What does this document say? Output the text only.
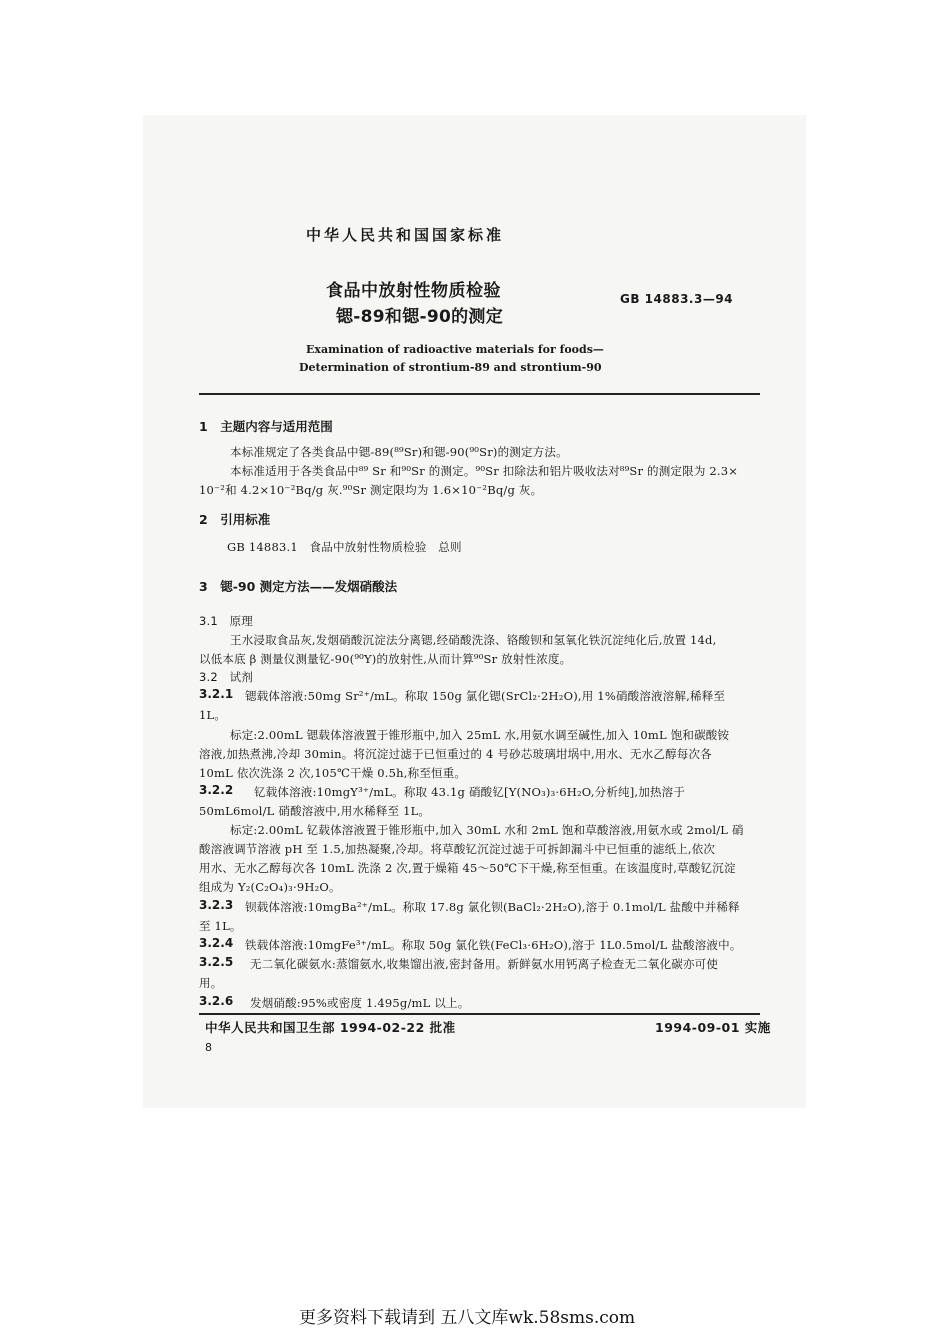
中华人民共和国国家标准
食品中放射性物质检验
锶-89和锶-90的测定
GB 14883.3—94
Examination of radioactive materials for foods—
Determination of strontium-89 and strontium-90
1　主题内容与适用范围
本标准规定了各类食品中锶-89(⁸⁹Sr)和锶-90(⁹⁰Sr)的测定方法。
本标准适用于各类食品中⁸⁹ Sr 和⁹⁰Sr 的测定。⁹⁰Sr 扣除法和铝片吸收法对⁸⁹Sr 的测定限为 2.3×
10⁻²和 4.2×10⁻²Bq/g 灰.⁹⁰Sr 测定限均为 1.6×10⁻²Bq/g 灰。
2　引用标准
GB 14883.1　食品中放射性物质检验　总则
3　锶-90 测定方法——发烟硝酸法
3.1　原理
王水浸取食品灰,发烟硝酸沉淀法分离锶,经硝酸洗涤、铬酸钡和氢氧化铁沉淀纯化后,放置 14d,
以低本底 β 测量仪测量钇-90(⁹⁰Y)的放射性,从而计算⁹⁰Sr 放射性浓度。
3.2　试剂
3.2.1 锶载体溶液:50mg Sr²⁺/mL。称取 150g 氯化锶(SrCl₂·2H₂O),用 1%硝酸溶液溶解,稀释至
1L。
标定:2.00mL 锶载体溶液置于锥形瓶中,加入 25mL 水,用氨水调至碱性,加入 10mL 饱和碳酸铵
溶液,加热煮沸,冷却 30min。将沉淀过滤于已恒重过的 4 号砂芯玻璃坩埚中,用水、无水乙醇每次各
10mL 依次洗涤 2 次,105℃干燥 0.5h,称至恒重。
3.2.2 钇载体溶液:10mgY³⁺/mL。称取 43.1g 硝酸钇[Y(NO₃)₃·6H₂O,分析纯],加热溶于
50mL6mol/L 硝酸溶液中,用水稀释至 1L。
标定:2.00mL 钇载体溶液置于锥形瓶中,加入 30mL 水和 2mL 饱和草酸溶液,用氨水或 2mol/L 硝
酸溶液调节溶液 pH 至 1.5,加热凝聚,冷却。将草酸钇沉淀过滤于可拆卸漏斗中已恒重的滤纸上,依次
用水、无水乙醇每次各 10mL 洗涤 2 次,置于燥箱 45～50℃下干燥,称至恒重。在该温度时,草酸钇沉淀
组成为 Y₂(C₂O₄)₃·9H₂O。
3.2.3 钡载体溶液:10mgBa²⁺/mL。称取 17.8g 氯化钡(BaCl₂·2H₂O),溶于 0.1mol/L 盐酸中并稀释
至 1L。
3.2.4 铁载体溶液:10mgFe³⁺/mL。称取 50g 氯化铁(FeCl₃·6H₂O),溶于 1L0.5mol/L 盐酸溶液中。
3.2.5 无二氧化碳氨水:蒸馏氨水,收集馏出液,密封备用。新鲜氨水用钙离子检查无二氧化碳亦可使
用。
3.2.6 发烟硝酸:95%或密度 1.495g/mL 以上。
中华人民共和国卫生部 1994-02-22 批准	1994-09-01 实施
8
更多资料下载请到 五八文库wk.58sms.com
